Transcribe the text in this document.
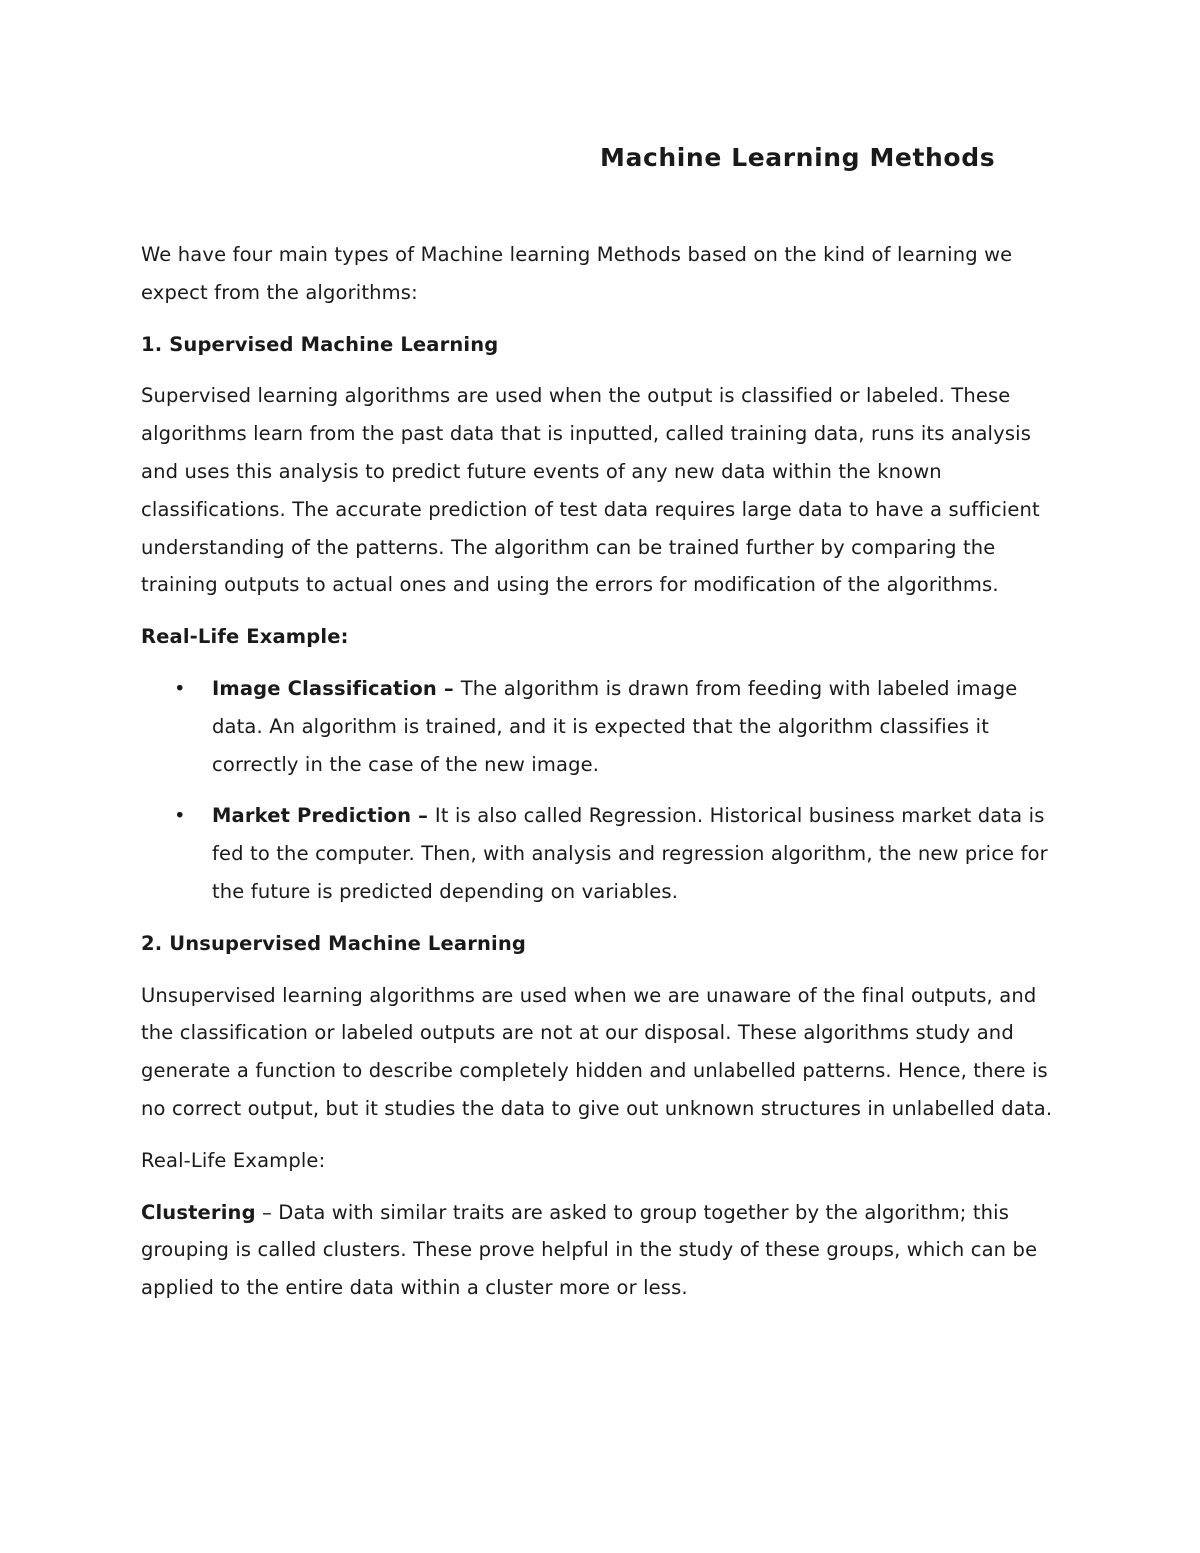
Machine Learning Methods

We have four main types of Machine learning Methods based on the kind of learning we expect from the algorithms:

1. Supervised Machine Learning

Supervised learning algorithms are used when the output is classified or labeled. These algorithms learn from the past data that is inputted, called training data, runs its analysis and uses this analysis to predict future events of any new data within the known classifications. The accurate prediction of test data requires large data to have a sufficient understanding of the patterns. The algorithm can be trained further by comparing the training outputs to actual ones and using the errors for modification of the algorithms.

Real-Life Example:

• Image Classification – The algorithm is drawn from feeding with labeled image data. An algorithm is trained, and it is expected that the algorithm classifies it correctly in the case of the new image.
• Market Prediction – It is also called Regression. Historical business market data is fed to the computer. Then, with analysis and regression algorithm, the new price for the future is predicted depending on variables.
2. Unsupervised Machine Learning

Unsupervised learning algorithms are used when we are unaware of the final outputs, and the classification or labeled outputs are not at our disposal. These algorithms study and generate a function to describe completely hidden and unlabelled patterns. Hence, there is no correct output, but it studies the data to give out unknown structures in unlabelled data.

Real-Life Example:

Clustering – Data with similar traits are asked to group together by the algorithm; this grouping is called clusters. These prove helpful in the study of these groups, which can be applied to the entire data within a cluster more or less.
